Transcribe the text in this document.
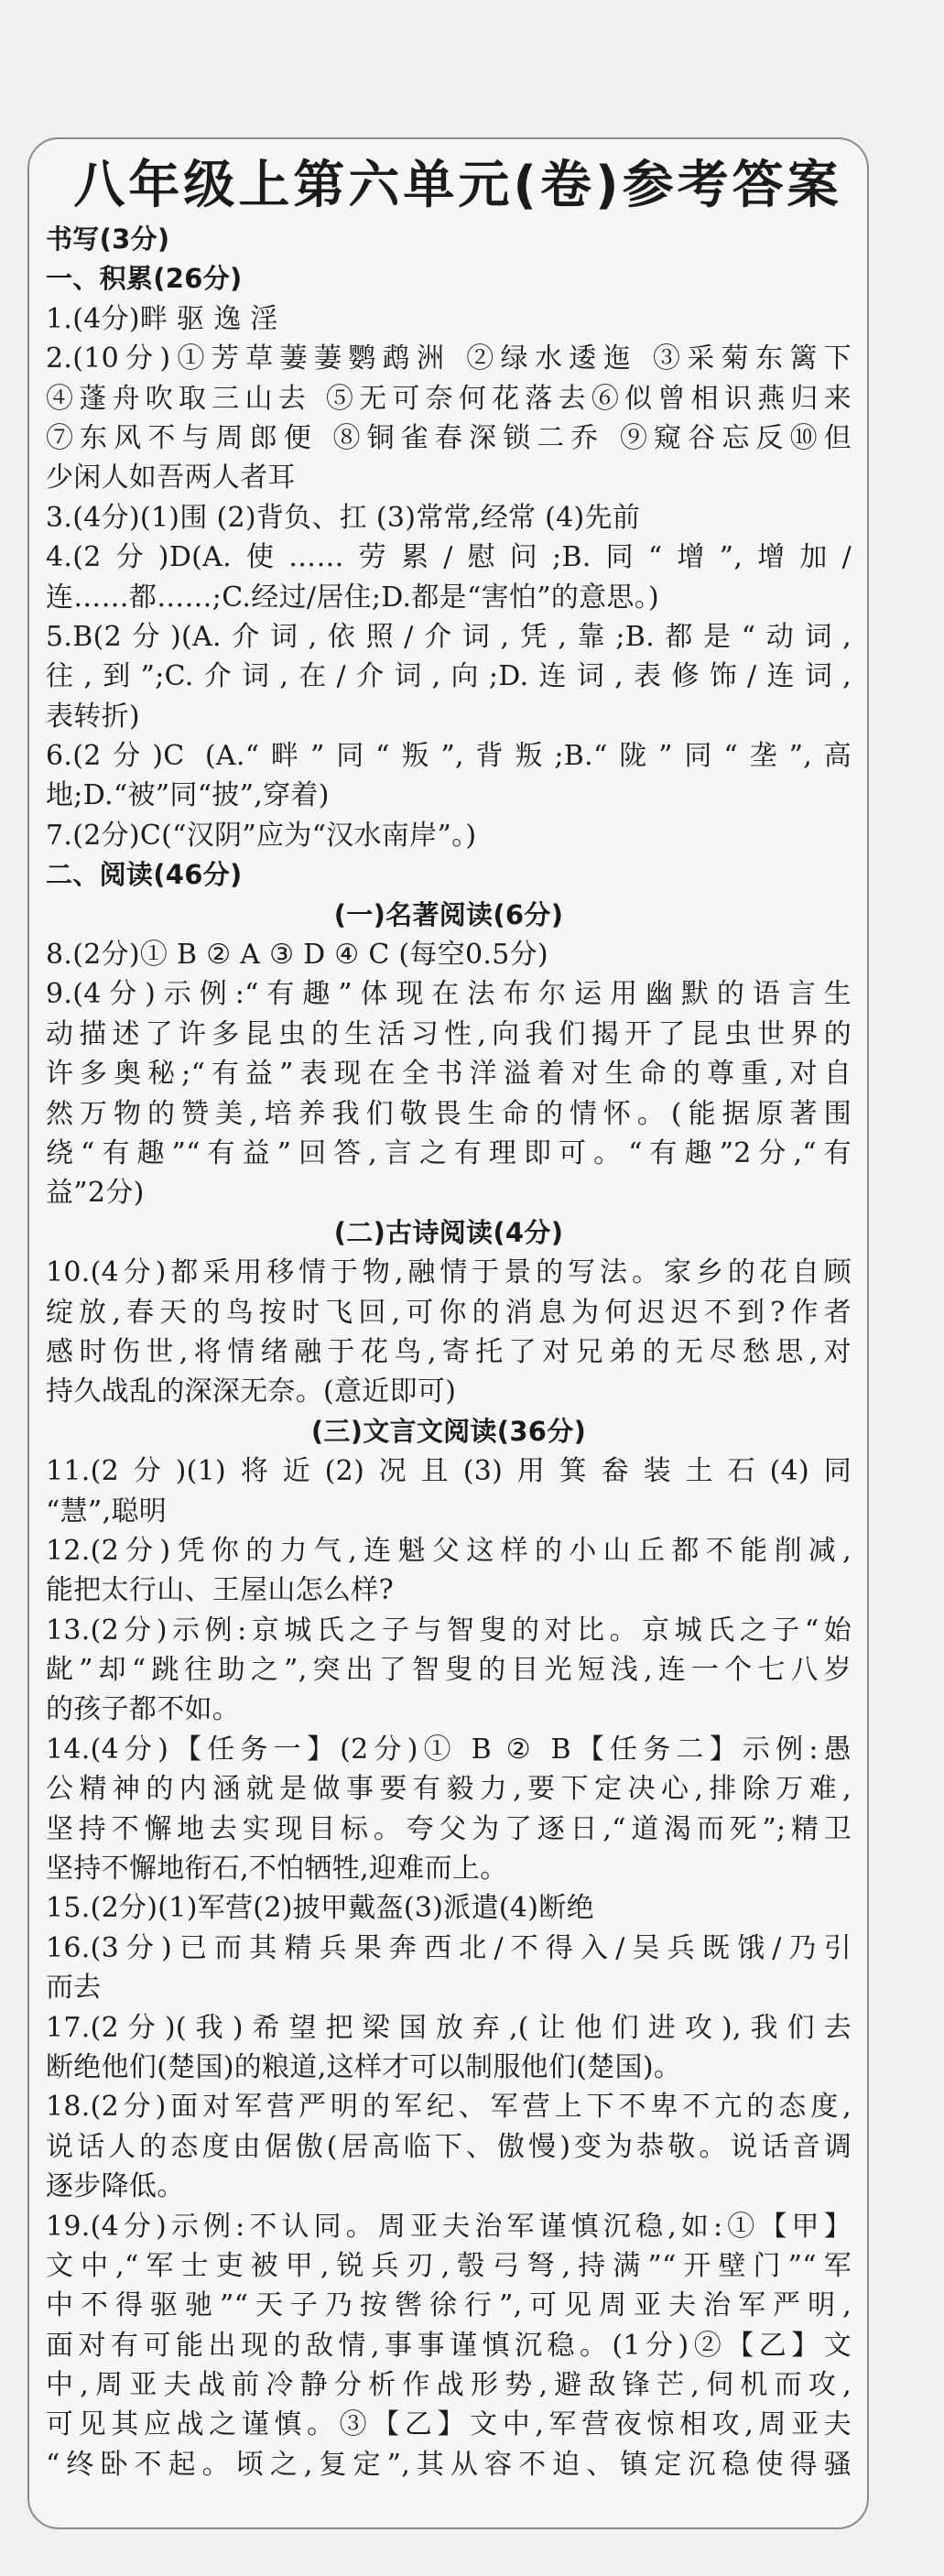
八年级上第六单元(卷)参考答案
书写(3分)
一、积累(26分)
1.(4分)畔 驱 逸 淫
2.(10分)①芳草萋萋鹦鹉洲 ②绿水逶迤 ③采菊东篱下
④蓬舟吹取三山去 ⑤无可奈何花落去⑥似曾相识燕归来
⑦东风不与周郎便 ⑧铜雀春深锁二乔 ⑨窥谷忘反⑩但
少闲人如吾两人者耳
3.(4分)(1)围 (2)背负、扛 (3)常常,经常 (4)先前
4.(2分)D(A.使……劳累/慰问;B.同“增”,增加/
连……都……;C.经过/居住;D.都是“害怕”的意思。)
5.B(2分)(A.介词,依照/介词,凭,靠;B.都是“动词,
往,到”;C.介词,在/介词,向;D.连词,表修饰/连词,
表转折)
6.(2分)C (A.“畔”同“叛”,背叛;B.“陇”同“垄”,高
地;D.“被”同“披”,穿着)
7.(2分)C(“汉阴”应为“汉水南岸”。)
二、阅读(46分)
(一)名著阅读(6分)
8.(2分)① B ② A ③ D ④ C (每空0.5分)
9.(4分)示例:“有趣”体现在法布尔运用幽默的语言生
动描述了许多昆虫的生活习性,向我们揭开了昆虫世界的
许多奥秘;“有益”表现在全书洋溢着对生命的尊重,对自
然万物的赞美,培养我们敬畏生命的情怀。(能据原著围
绕“有趣”“有益”回答,言之有理即可。“有趣”2分,“有
益”2分)
(二)古诗阅读(4分)
10.(4分)都采用移情于物,融情于景的写法。家乡的花自顾
绽放,春天的鸟按时飞回,可你的消息为何迟迟不到?作者
感时伤世,将情绪融于花鸟,寄托了对兄弟的无尽愁思,对
持久战乱的深深无奈。(意近即可)
(三)文言文阅读(36分)
11.(2分)(1)将近(2)况且(3)用箕畚装土石(4)同
“慧”,聪明
12.(2分)凭你的力气,连魁父这样的小山丘都不能削减,
能把太行山、王屋山怎么样?
13.(2分)示例:京城氏之子与智叟的对比。京城氏之子“始
龀”却“跳往助之”,突出了智叟的目光短浅,连一个七八岁
的孩子都不如。
14.(4分)【任务一】(2分)① B ② B【任务二】示例:愚
公精神的内涵就是做事要有毅力,要下定决心,排除万难,
坚持不懈地去实现目标。夸父为了逐日,“道渴而死”;精卫
坚持不懈地衔石,不怕牺牲,迎难而上。
15.(2分)(1)军营(2)披甲戴盔(3)派遣(4)断绝
16.(3分)已而其精兵果奔西北/不得入/吴兵既饿/乃引
而去
17.(2分)(我)希望把梁国放弃,(让他们进攻),我们去
断绝他们(楚国)的粮道,这样才可以制服他们(楚国)。
18.(2分)面对军营严明的军纪、军营上下不卑不亢的态度,
说话人的态度由倨傲(居高临下、傲慢)变为恭敬。说话音调
逐步降低。
19.(4分)示例:不认同。周亚夫治军谨慎沉稳,如:①【甲】
文中,“军士吏被甲,锐兵刃,彀弓弩,持满”“开壁门”“军
中不得驱驰”“天子乃按辔徐行”,可见周亚夫治军严明,
面对有可能出现的敌情,事事谨慎沉稳。(1分)②【乙】文
中,周亚夫战前冷静分析作战形势,避敌锋芒,伺机而攻,
可见其应战之谨慎。③【乙】文中,军营夜惊相攻,周亚夫
“终卧不起。顷之,复定”,其从容不迫、镇定沉稳使得骚
